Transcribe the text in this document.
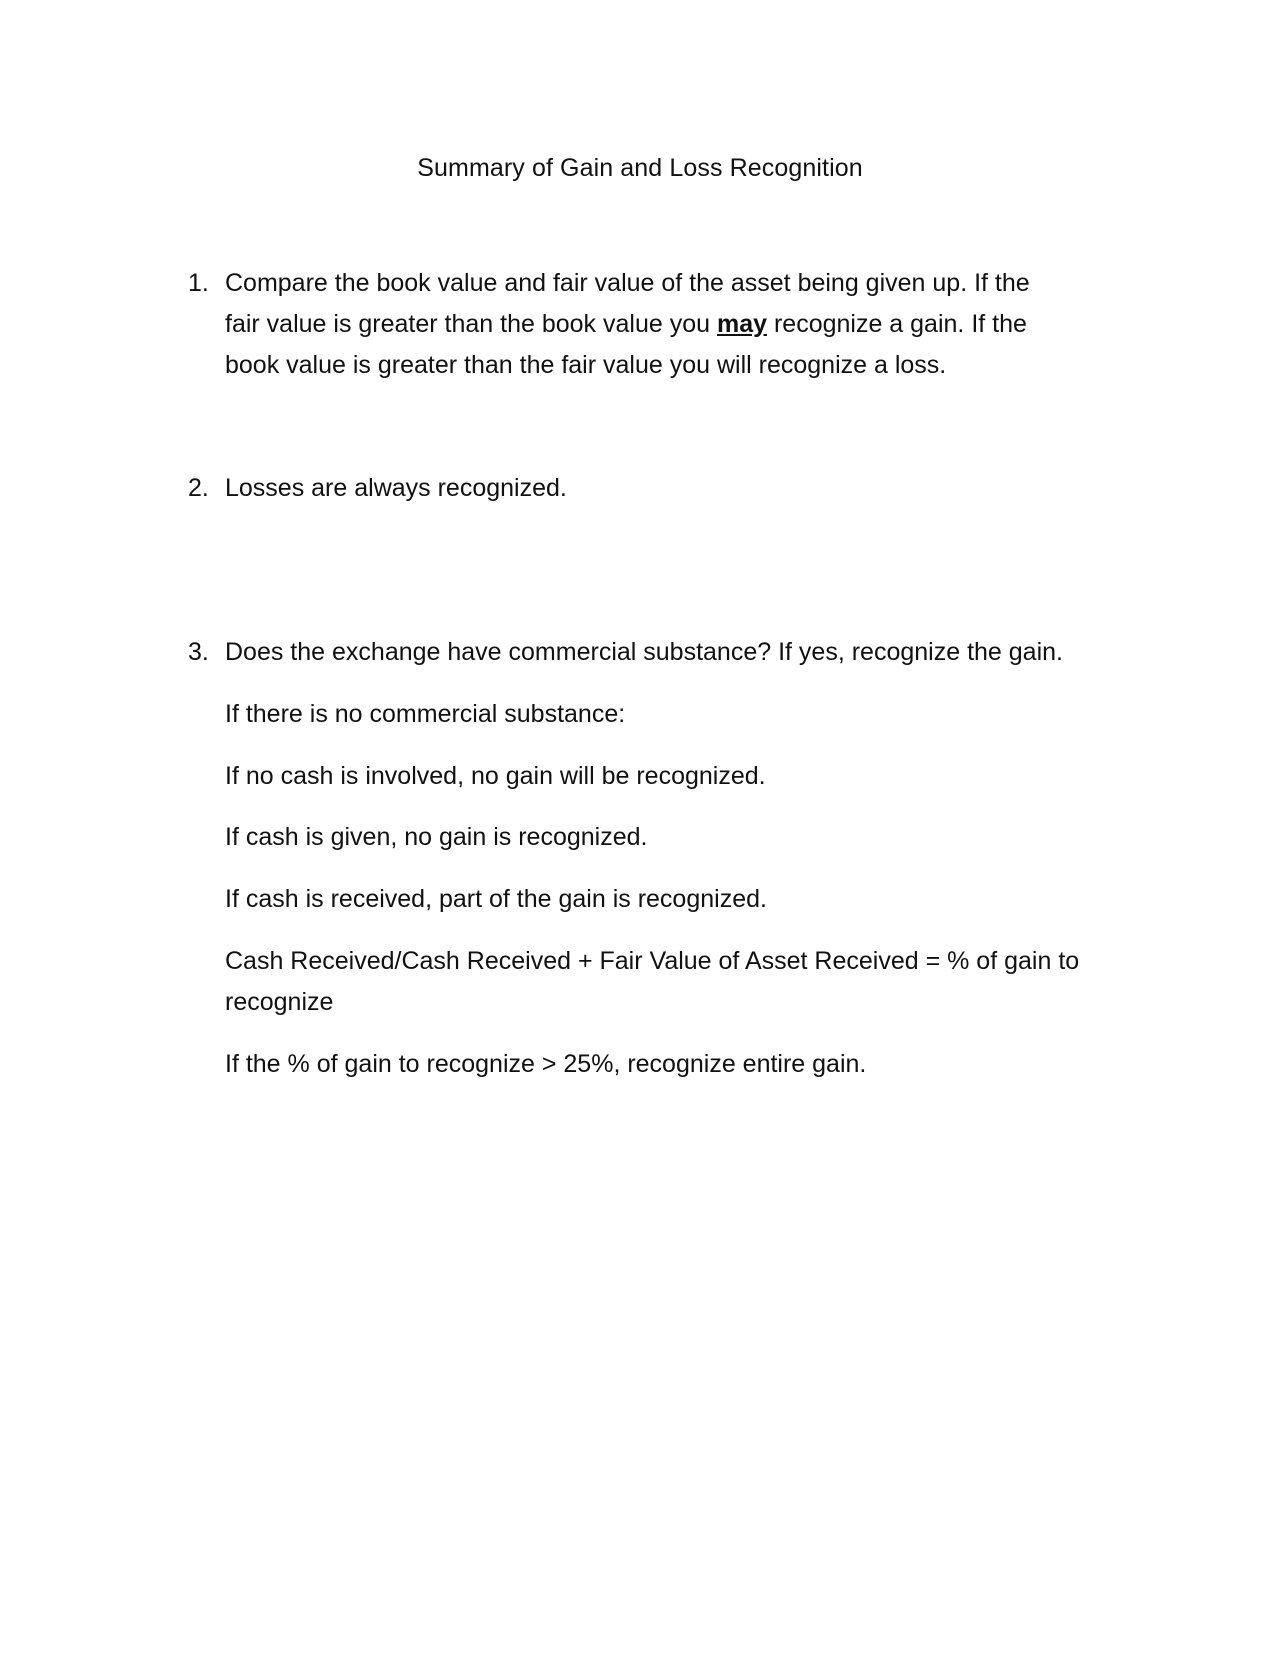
Summary of Gain and Loss Recognition
1. Compare the book value and fair value of the asset being given up. If the
fair value is greater than the book value you may recognize a gain. If the
book value is greater than the fair value you will recognize a loss.
2. Losses are always recognized.
3. Does the exchange have commercial substance? If yes, recognize the gain.
If there is no commercial substance:
If no cash is involved, no gain will be recognized.
If cash is given, no gain is recognized.
If cash is received, part of the gain is recognized.
Cash Received/Cash Received + Fair Value of Asset Received = % of gain to
recognize
If the % of gain to recognize > 25%, recognize entire gain.
